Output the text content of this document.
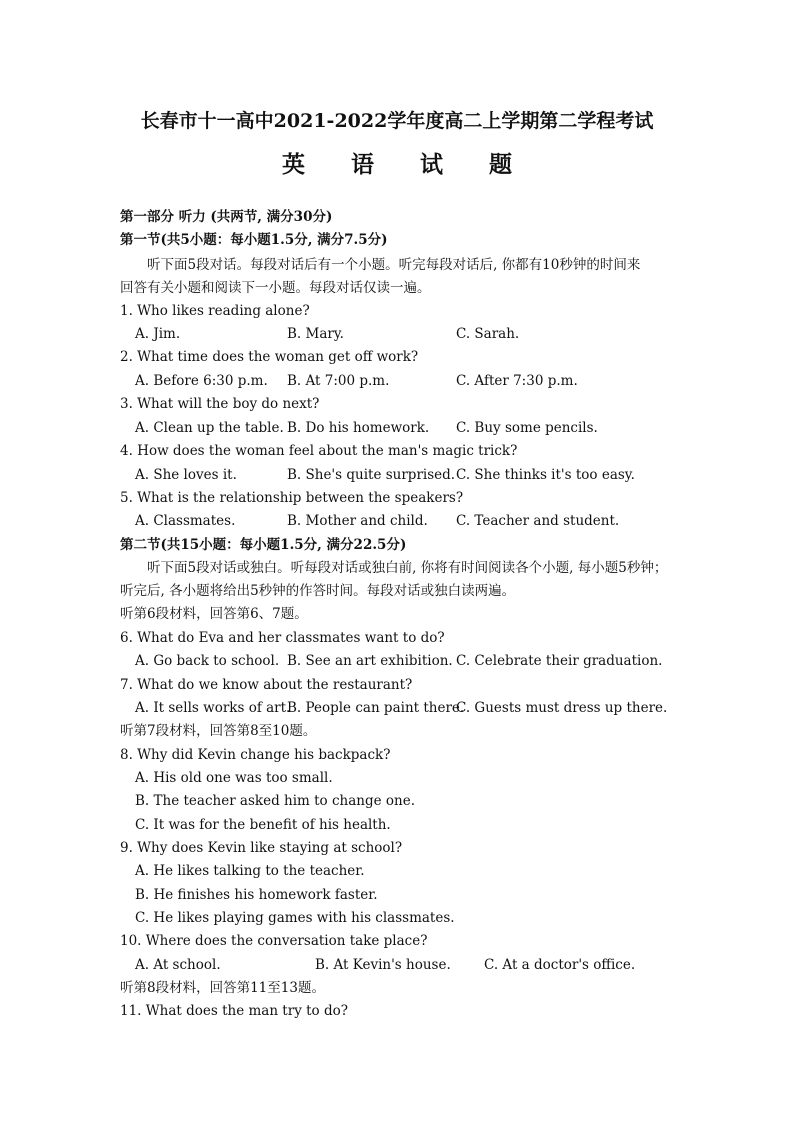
长春市十一高中2021-2022学年度高二上学期第二学程考试
英 语 试 题
第一部分 听力 (共两节, 满分30分)
第一节(共5小题：每小题1.5分, 满分7.5分)
听下面5段对话。每段对话后有一个小题。听完每段对话后, 你都有10秒钟的时间来
回答有关小题和阅读下一小题。每段对话仅读一遍。
1. Who likes reading alone?
A. Jim.	B. Mary.	C. Sarah.
2. What time does the woman get off work?
A. Before 6:30 p.m. B. At 7:00 p.m.	C. After 7:30 p.m.
3. What will the boy do next?
A. Clean up the table. B. Do his homework. C. Buy some pencils.
4. How does the woman feel about the man's magic trick?
A. She loves it.	B. She's quite surprised. C. She thinks it's too easy.
5. What is the relationship between the speakers?
A. Classmates.	B. Mother and child. C. Teacher and student.
第二节(共15小题：每小题1.5分, 满分22.5分)
听下面5段对话或独白。听每段对话或独白前, 你将有时间阅读各个小题, 每小题5秒钟；
听完后, 各小题将给出5秒钟的作答时间。每段对话或独白读两遍。
听第6段材料，回答第6、7题。
6. What do Eva and her classmates want to do?
A. Go back to school. B. See an art exhibition. C. Celebrate their graduation.
7. What do we know about the restaurant?
A. It sells works of art.
B. People can paint there.
C. Guests must dress up there.
听第7段材料，回答第8至10题。
8. Why did Kevin change his backpack?
A. His old one was too small.
B. The teacher asked him to change one.
C. It was for the benefit of his health.
9. Why does Kevin like staying at school?
A. He likes talking to the teacher.
B. He finishes his homework faster.
C. He likes playing games with his classmates.
10. Where does the conversation take place?
A. At school.	B. At Kevin's house. C. At a doctor's office.
听第8段材料，回答第11至13题。
11. What does the man try to do?
